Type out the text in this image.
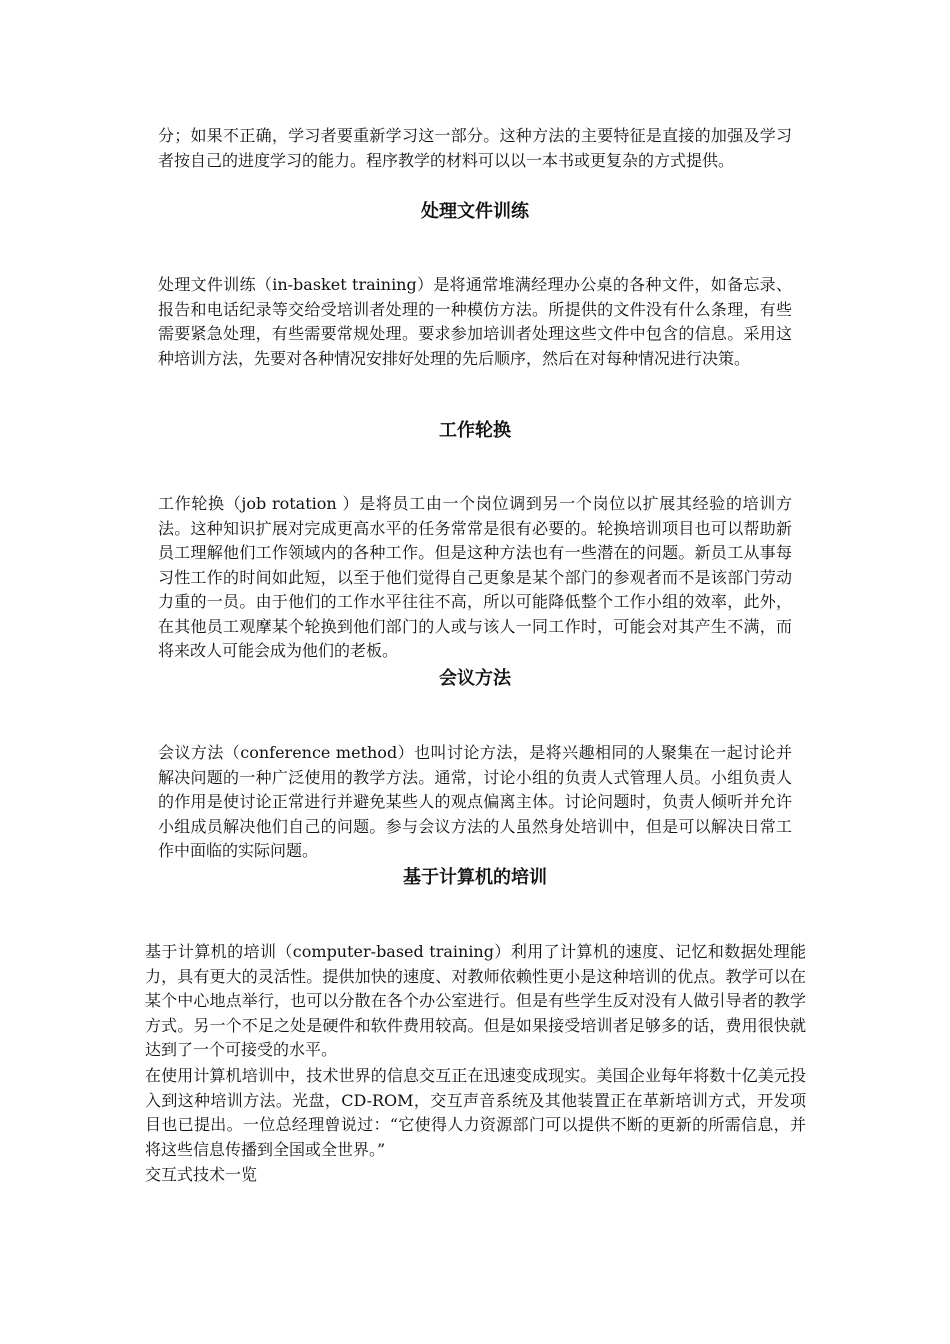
分；如果不正确，学习者要重新学习这一部分。这种方法的主要特征是直接的加强及学习者按自己的进度学习的能力。程序教学的材料可以以一本书或更复杂的方式提供。

处理文件训练

处理文件训练（in-basket training）是将通常堆满经理办公桌的各种文件，如备忘录、报告和电话纪录等交给受培训者处理的一种模仿方法。所提供的文件没有什么条理，有些需要紧急处理，有些需要常规处理。要求参加培训者处理这些文件中包含的信息。采用这种培训方法，先要对各种情况安排好处理的先后顺序，然后在对每种情况进行决策。

工作轮换

工作轮换（job rotation ）是将员工由一个岗位调到另一个岗位以扩展其经验的培训方法。这种知识扩展对完成更高水平的任务常常是很有必要的。轮换培训项目也可以帮助新员工理解他们工作领域内的各种工作。但是这种方法也有一些潜在的问题。新员工从事每习性工作的时间如此短，以至于他们觉得自己更象是某个部门的参观者而不是该部门劳动力重的一员。由于他们的工作水平往往不高，所以可能降低整个工作小组的效率，此外，在其他员工观摩某个轮换到他们部门的人或与该人一同工作时，可能会对其产生不满，而将来改人可能会成为他们的老板。

会议方法

会议方法（conference method）也叫讨论方法，是将兴趣相同的人聚集在一起讨论并解决问题的一种广泛使用的教学方法。通常，讨论小组的负责人式管理人员。小组负责人的作用是使讨论正常进行并避免某些人的观点偏离主体。讨论问题时，负责人倾听并允许小组成员解决他们自己的问题。参与会议方法的人虽然身处培训中，但是可以解决日常工作中面临的实际问题。

基于计算机的培训

基于计算机的培训（computer-based training）利用了计算机的速度、记忆和数据处理能力，具有更大的灵活性。提供加快的速度、对教师依赖性更小是这种培训的优点。教学可以在某个中心地点举行，也可以分散在各个办公室进行。但是有些学生反对没有人做引导者的教学方式。另一个不足之处是硬件和软件费用较高。但是如果接受培训者足够多的话，费用很快就达到了一个可接受的水平。

在使用计算机培训中，技术世界的信息交互正在迅速变成现实。美国企业每年将数十亿美元投入到这种培训方法。光盘，CD-ROM，交互声音系统及其他装置正在革新培训方式，开发项目也已提出。一位总经理曾说过：“它使得人力资源部门可以提供不断的更新的所需信息，并将这些信息传播到全国或全世界。”

交互式技术一览
